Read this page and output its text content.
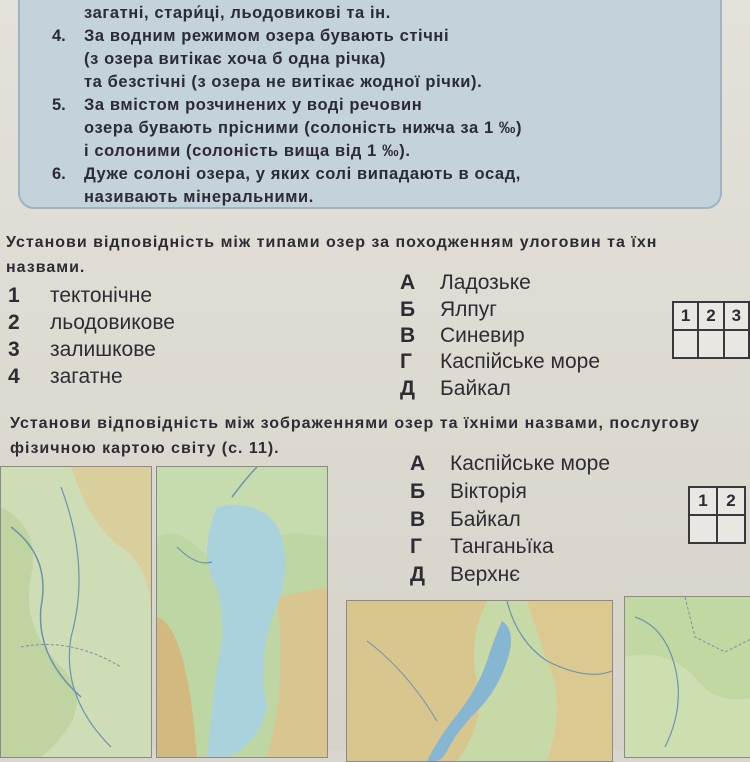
загатні, стари́ці, льодовикові та ін.
4. За водним режимом озера бувають стічні
(з озера витікає хоча б одна річка)
та безстічні (з озера не витікає жодної річки).
5. За вмістом розчинених у воді речовин
озера бувають прісними (солоність нижча за 1 ‰)
і солоними (солоність вища від 1 ‰).
6. Дуже солоні озера, у яких солі випадають в осад,
називають мінеральними.
Установи відповідність між типами озер за походженням улоговин та їхн
назвами.
1 тектонічне
2 льодовикове
3 залишкове
4 загатне
А Ладозьке
Б Ялпуг
В Синевир
Г Каспійське море
Д Байкал
1	2	3

Установи відповідність між зображеннями озер та їхніми назвами, послугову
фізичною картою світу (с. 11).
А Каспійське море
Б Вікторія
В Байкал
Г Танганьїка
Д Верхнє
1	2
